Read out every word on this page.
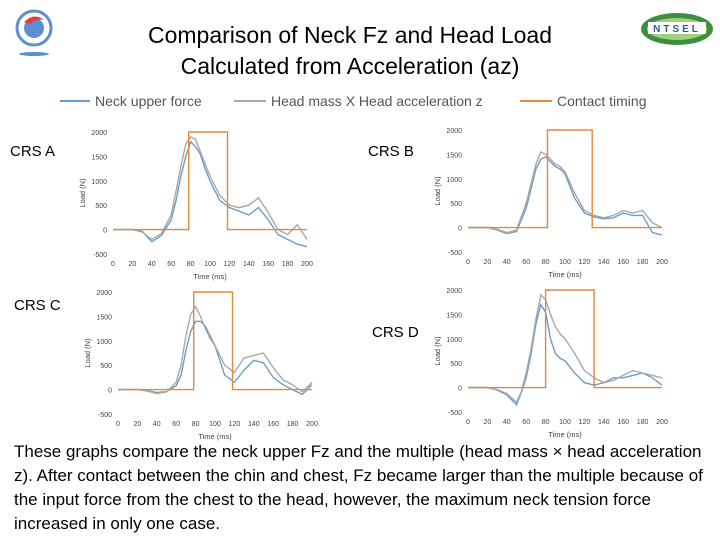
Comparison of Neck Fz and Head Load
Calculated from Acceleration (az)
NTSEL
Neck upper force	Head mass X Head acceleration z	Contact timing
CRS A	CRS B
CRS C
CRS D
-500
0
500
1000
1500
2000
0 20 40 60 80 100 120 140 160 180 200
Time (ms)
Load (N)
-500
0
500
1000
1500
2000
0 20 40 60 80 100 120 140 160 180 200
Time (ms)
Load (N)
-500
0
500
1000
1500
2000
0 20 40 60 80 100 120 140 160 180 200
Time (ms)
Load (N)
-500
0
500
1000
1500
2000
0 20 40 60 80 100 120 140 160 180 200
Time (ms)
Load (N)
These graphs compare the neck upper Fz and the multiple (head mass × head acceleration z). After contact between the chin and chest, Fz became larger than the multiple because of the input force from the chest to the head, however, the maximum neck tension force increased in only one case.
